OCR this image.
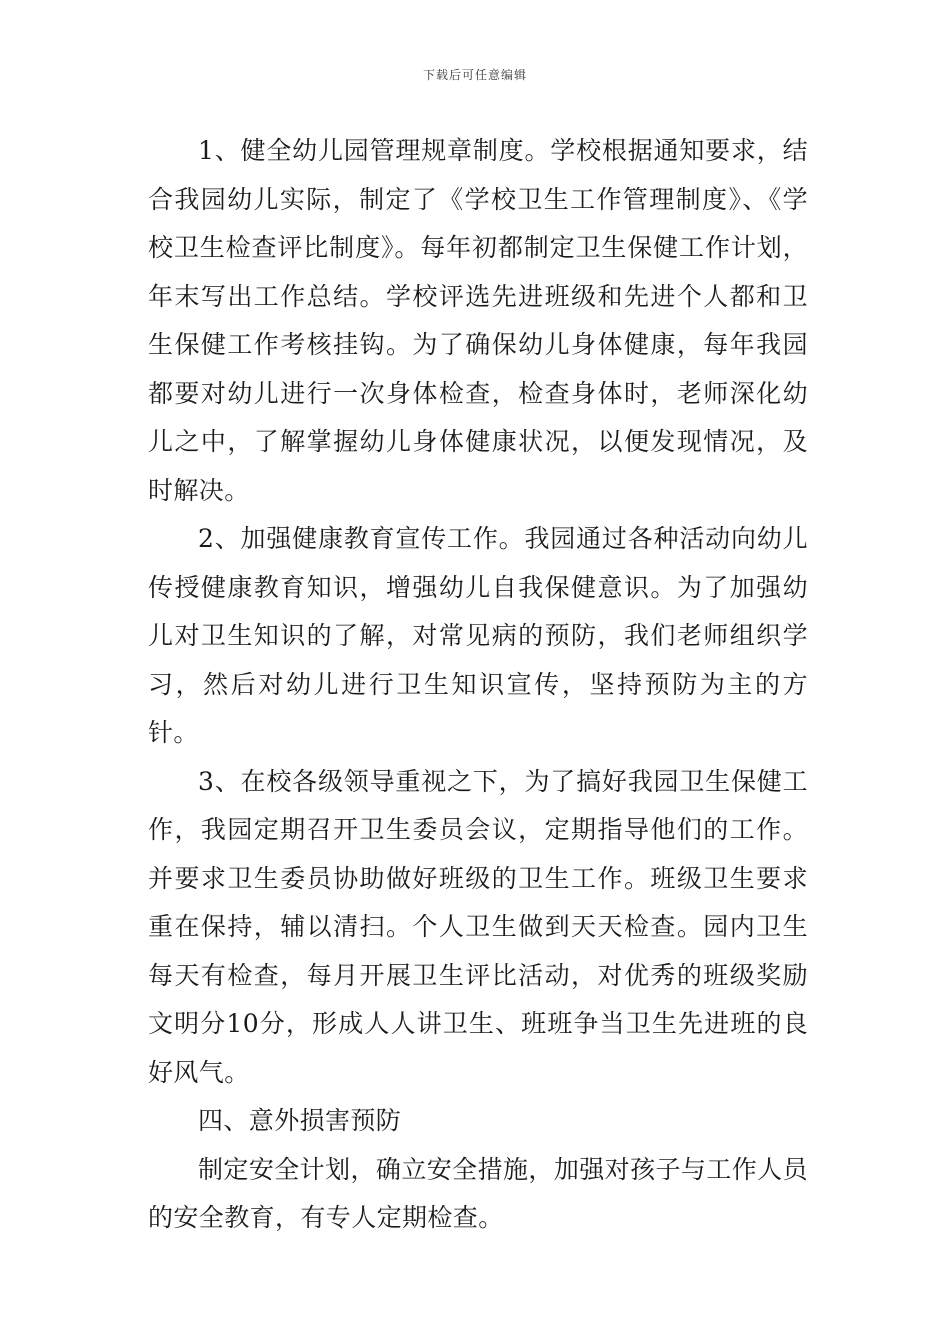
下载后可任意编辑

1、健全幼儿园管理规章制度。学校根据通知要求，结合我园幼儿实际，制定了《学校卫生工作管理制度》、《学校卫生检查评比制度》。每年初都制定卫生保健工作计划，年末写出工作总结。学校评选先进班级和先进个人都和卫生保健工作考核挂钩。为了确保幼儿身体健康，每年我园都要对幼儿进行一次身体检查，检查身体时，老师深化幼儿之中，了解掌握幼儿身体健康状况，以便发现情况，及时解决。

2、加强健康教育宣传工作。我园通过各种活动向幼儿传授健康教育知识，增强幼儿自我保健意识。为了加强幼儿对卫生知识的了解，对常见病的预防，我们老师组织学习，然后对幼儿进行卫生知识宣传，坚持预防为主的方针。

3、在校各级领导重视之下，为了搞好我园卫生保健工作，我园定期召开卫生委员会议，定期指导他们的工作。并要求卫生委员协助做好班级的卫生工作。班级卫生要求重在保持，辅以清扫。个人卫生做到天天检查。园内卫生每天有检查，每月开展卫生评比活动，对优秀的班级奖励文明分10分，形成人人讲卫生、班班争当卫生先进班的良好风气。

四、意外损害预防

制定安全计划，确立安全措施，加强对孩子与工作人员的安全教育，有专人定期检查。
